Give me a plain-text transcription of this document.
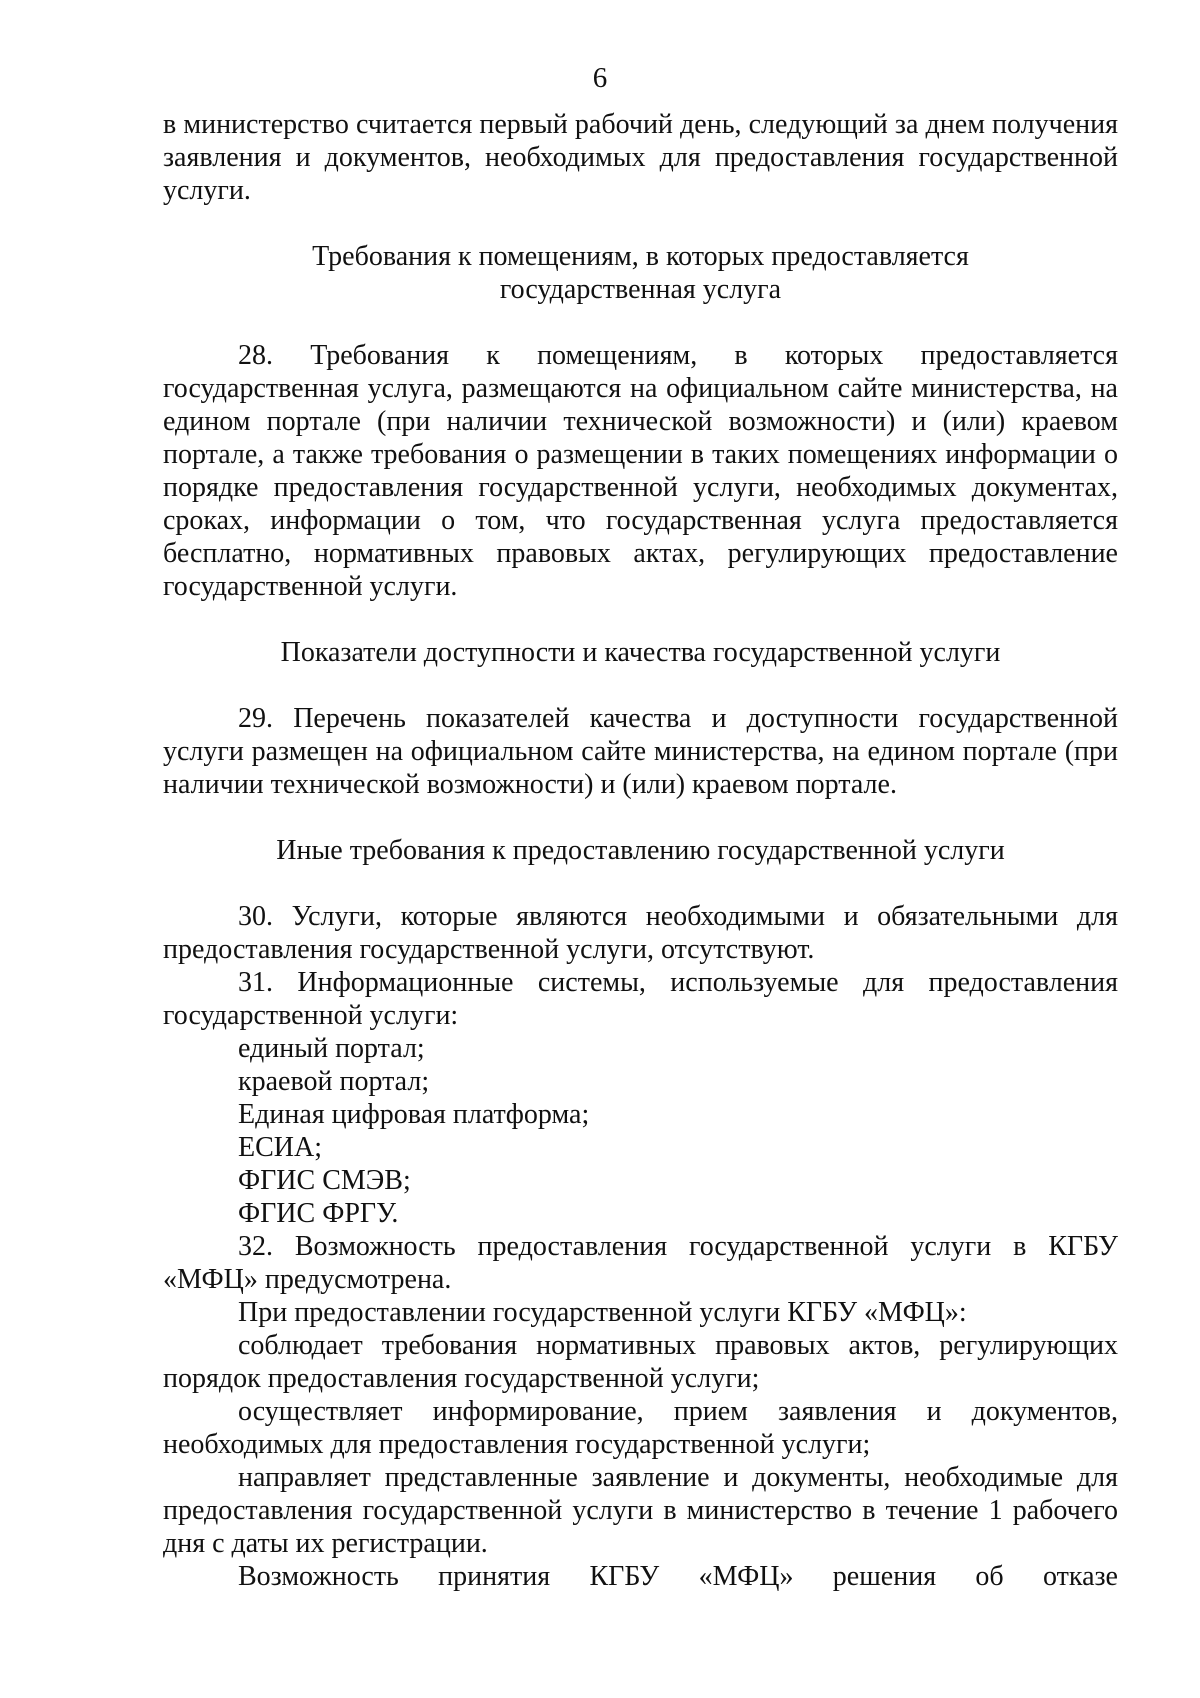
6

в министерство считается первый рабочий день, следующий за днем получения заявления и документов, необходимых для предоставления государственной услуги.

Требования к помещениям, в которых предоставляется
государственная услуга

28. Требования к помещениям, в которых предоставляется государственная услуга, размещаются на официальном сайте министерства, на едином портале (при наличии технической возможности) и (или) краевом портале, а также требования о размещении в таких помещениях информации о порядке предоставления государственной услуги, необходимых документах, сроках, информации о том, что государственная услуга предоставляется бесплатно, нормативных правовых актах, регулирующих предоставление государственной услуги.

Показатели доступности и качества государственной услуги

29. Перечень показателей качества и доступности государственной услуги размещен на официальном сайте министерства, на едином портале (при наличии технической возможности) и (или) краевом портале.

Иные требования к предоставлению государственной услуги

30. Услуги, которые являются необходимыми и обязательными для предоставления государственной услуги, отсутствуют.

31. Информационные системы, используемые для предоставления государственной услуги:

единый портал;

краевой портал;

Единая цифровая платформа;

ЕСИА;

ФГИС СМЭВ;

ФГИС ФРГУ.

32. Возможность предоставления государственной услуги в КГБУ «МФЦ» предусмотрена.

При предоставлении государственной услуги КГБУ «МФЦ»:

соблюдает требования нормативных правовых актов, регулирующих порядок предоставления государственной услуги;

осуществляет информирование, прием заявления и документов, необходимых для предоставления государственной услуги;

направляет представленные заявление и документы, необходимые для предоставления государственной услуги в министерство в течение 1 рабочего дня с даты их регистрации.

Возможность принятия КГБУ «МФЦ» решения об отказе
